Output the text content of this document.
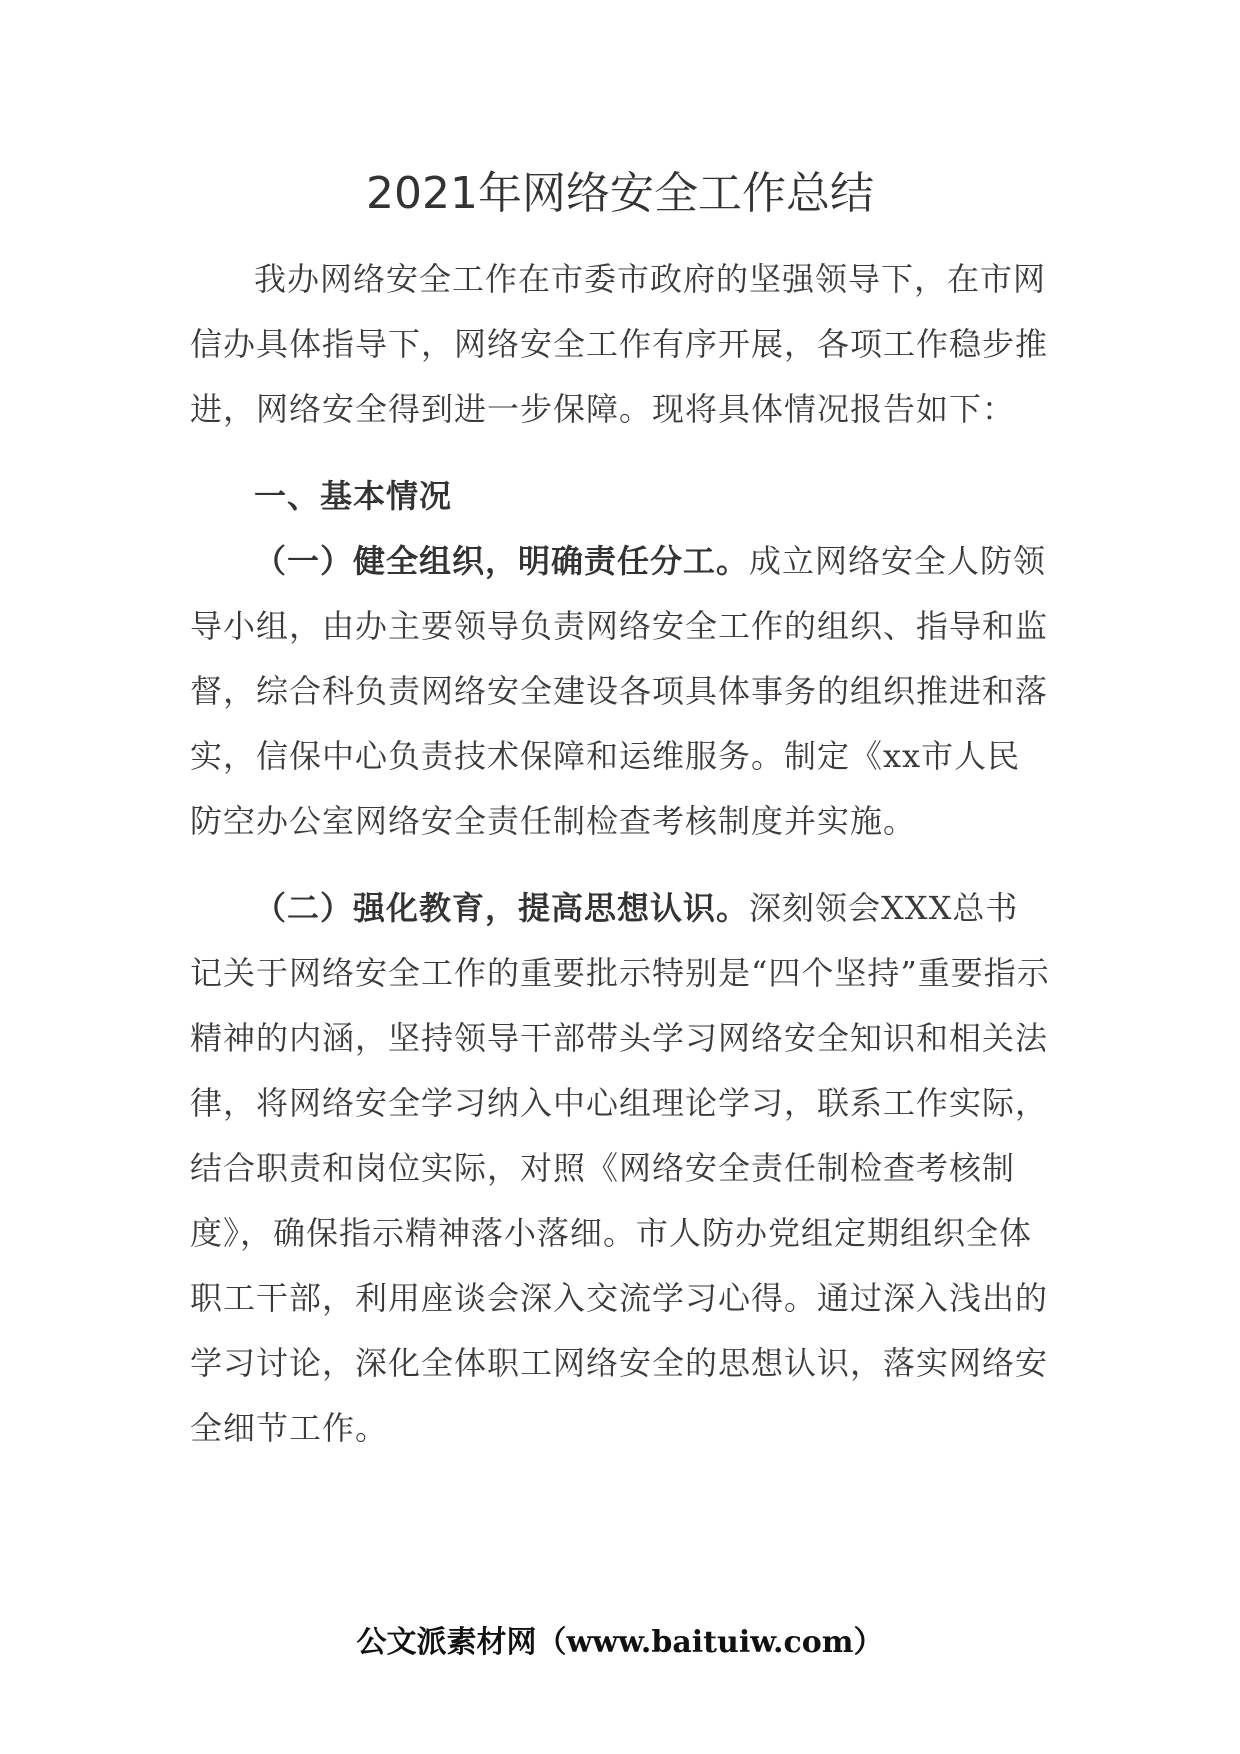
2021年网络安全工作总结

我办网络安全工作在市委市政府的坚强领导下，在市网信办具体指导下，网络安全工作有序开展，各项工作稳步推进，网络安全得到进一步保障。现将具体情况报告如下：

一、基本情况

（一）健全组织，明确责任分工。成立网络安全人防领导小组，由办主要领导负责网络安全工作的组织、指导和监督，综合科负责网络安全建设各项具体事务的组织推进和落实，信保中心负责技术保障和运维服务。制定《xx市人民防空办公室网络安全责任制检查考核制度并实施。

（二）强化教育，提高思想认识。深刻领会XXX总书记关于网络安全工作的重要批示特别是“四个坚持”重要指示精神的内涵，坚持领导干部带头学习网络安全知识和相关法律，将网络安全学习纳入中心组理论学习，联系工作实际，结合职责和岗位实际，对照《网络安全责任制检查考核制度》，确保指示精神落小落细。市人防办党组定期组织全体职工干部，利用座谈会深入交流学习心得。通过深入浅出的学习讨论，深化全体职工网络安全的思想认识，落实网络安全细节工作。

公文派素材网（www.baituiw.com）
